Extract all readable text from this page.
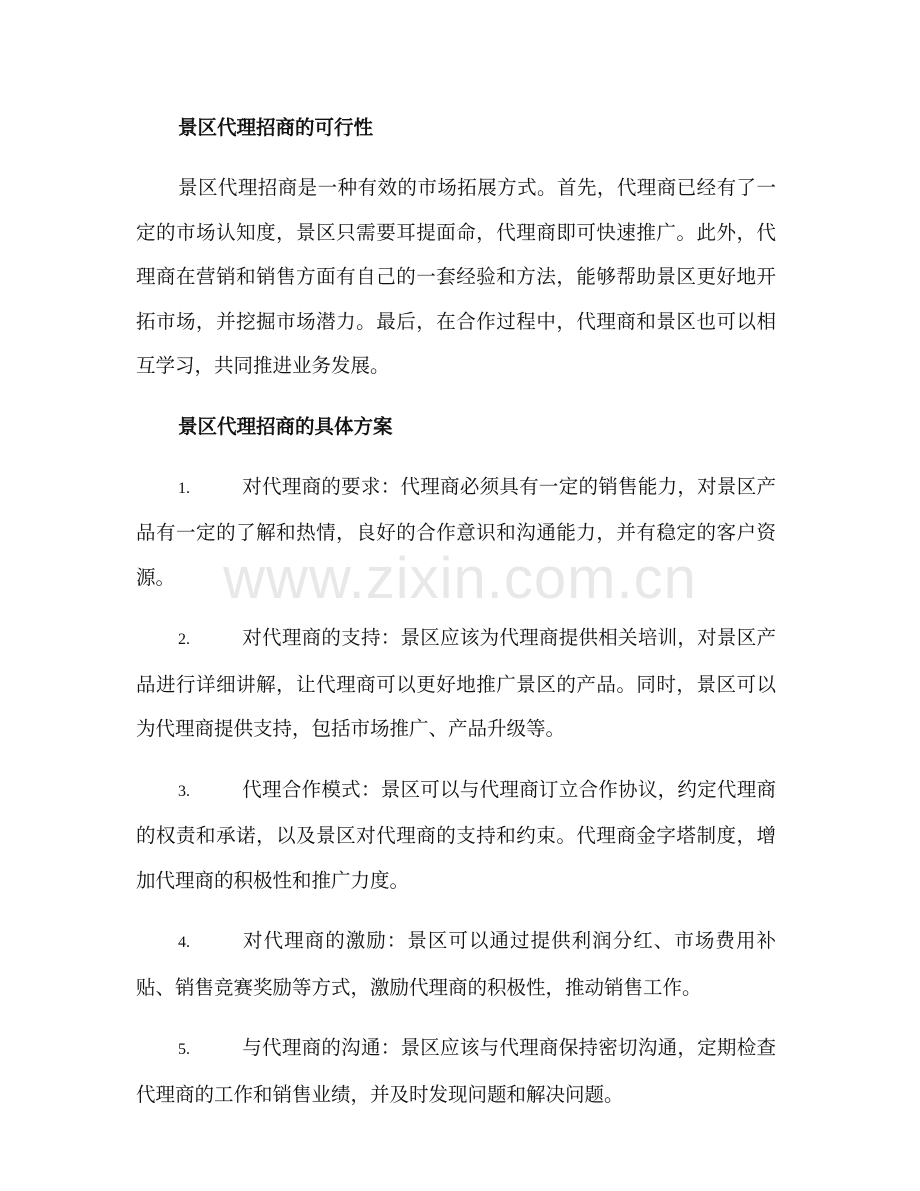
景区代理招商的可行性
景区代理招商是一种有效的市场拓展方式。首先，代理商已经有了一定的市场认知度，景区只需要耳提面命，代理商即可快速推广。此外，代理商在营销和销售方面有自己的一套经验和方法，能够帮助景区更好地开拓市场，并挖掘市场潜力。最后，在合作过程中，代理商和景区也可以相互学习，共同推进业务发展。
景区代理招商的具体方案
1.	对代理商的要求：代理商必须具有一定的销售能力，对景区产品有一定的了解和热情，良好的合作意识和沟通能力，并有稳定的客户资源。
2.	对代理商的支持：景区应该为代理商提供相关培训，对景区产品进行详细讲解，让代理商可以更好地推广景区的产品。同时，景区可以为代理商提供支持，包括市场推广、产品升级等。
3.	代理合作模式：景区可以与代理商订立合作协议，约定代理商的权责和承诺，以及景区对代理商的支持和约束。代理商金字塔制度，增加代理商的积极性和推广力度。
4.	对代理商的激励：景区可以通过提供利润分红、市场费用补贴、销售竞赛奖励等方式，激励代理商的积极性，推动销售工作。
5.	与代理商的沟通：景区应该与代理商保持密切沟通，定期检查代理商的工作和销售业绩，并及时发现问题和解决问题。
www.zixin.com.cn
